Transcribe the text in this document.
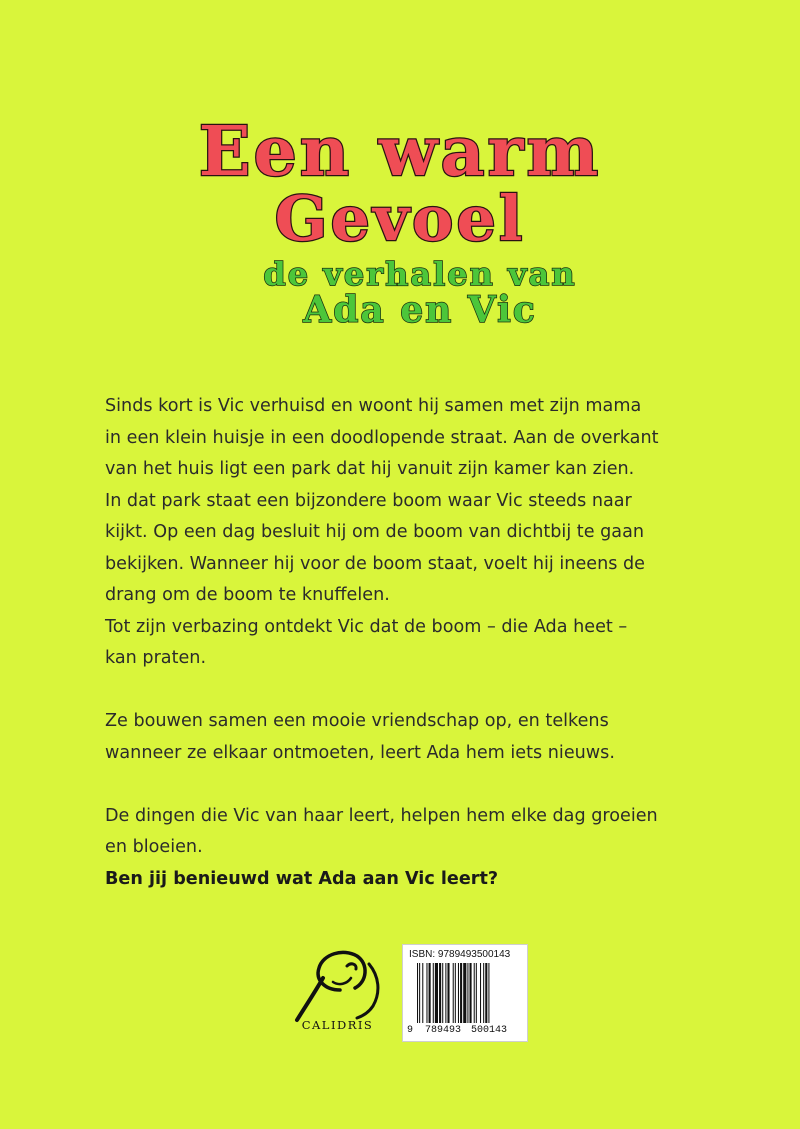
Een warm
Gevoel
de verhalen van
Ada en Vic

Sinds kort is Vic verhuisd en woont hij samen met zijn mama

in een klein huisje in een doodlopende straat. Aan de overkant

van het huis ligt een park dat hij vanuit zijn kamer kan zien.

In dat park staat een bijzondere boom waar Vic steeds naar

kijkt. Op een dag besluit hij om de boom van dichtbij te gaan

bekijken. Wanneer hij voor de boom staat, voelt hij ineens de

drang om de boom te knuffelen.

Tot zijn verbazing ontdekt Vic dat de boom – die Ada heet –

kan praten.

Ze bouwen samen een mooie vriendschap op, en telkens

wanneer ze elkaar ontmoeten, leert Ada hem iets nieuws.

De dingen die Vic van haar leert, helpen hem elke dag groeien

en bloeien.

Ben jij benieuwd wat Ada aan Vic leert?

CALIDRIS
ISBN: 9789493500143
9 789493 500143
